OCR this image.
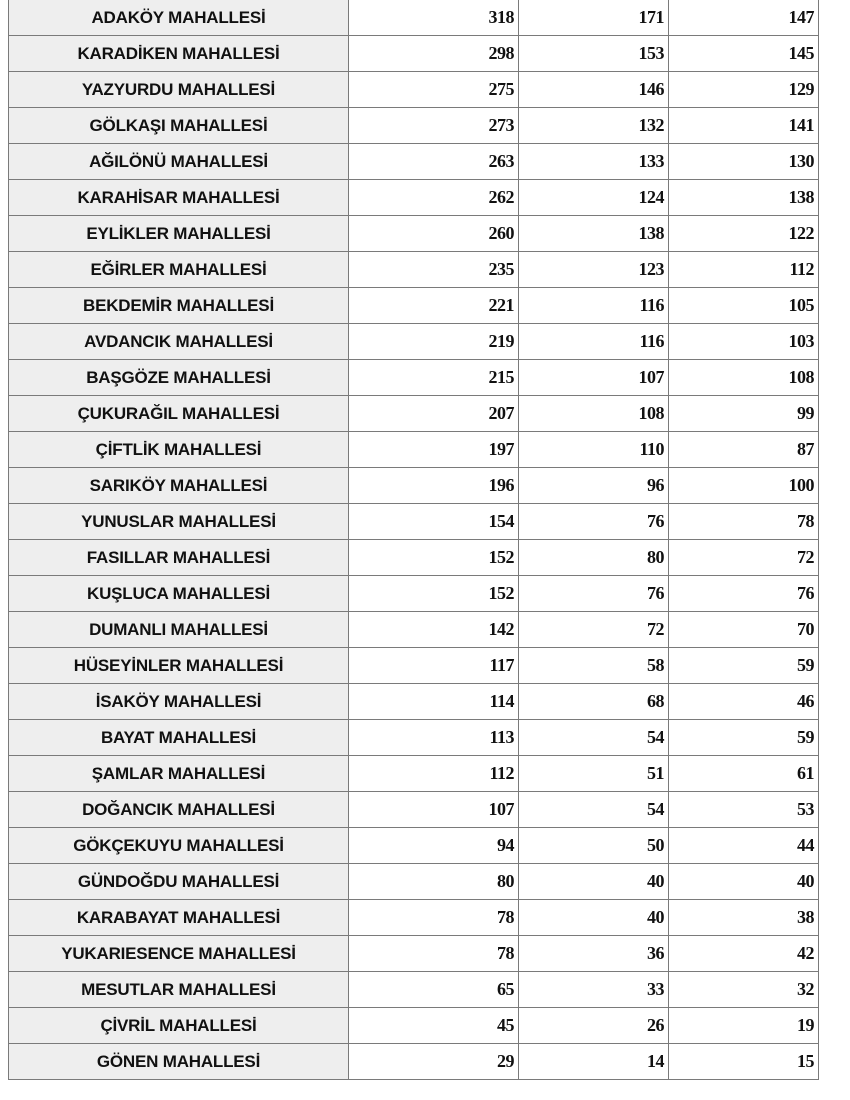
ADAKÖY MAHALLESİ	318	171	147
KARADİKEN MAHALLESİ	298	153	145
YAZYURDU MAHALLESİ	275	146	129
GÖLKAŞI MAHALLESİ	273	132	141
AĞILÖNÜ MAHALLESİ	263	133	130
KARAHİSAR MAHALLESİ	262	124	138
EYLİKLER MAHALLESİ	260	138	122
EĞİRLER MAHALLESİ	235	123	112
BEKDEMİR MAHALLESİ	221	116	105
AVDANCIK MAHALLESİ	219	116	103
BAŞGÖZE MAHALLESİ	215	107	108
ÇUKURAĞIL MAHALLESİ	207	108	99
ÇİFTLİK MAHALLESİ	197	110	87
SARIKÖY MAHALLESİ	196	96	100
YUNUSLAR MAHALLESİ	154	76	78
FASILLAR MAHALLESİ	152	80	72
KUŞLUCA MAHALLESİ	152	76	76
DUMANLI MAHALLESİ	142	72	70
HÜSEYİNLER MAHALLESİ	117	58	59
İSAKÖY MAHALLESİ	114	68	46
BAYAT MAHALLESİ	113	54	59
ŞAMLAR MAHALLESİ	112	51	61
DOĞANCIK MAHALLESİ	107	54	53
GÖKÇEKUYU MAHALLESİ	94	50	44
GÜNDOĞDU MAHALLESİ	80	40	40
KARABAYAT MAHALLESİ	78	40	38
YUKARIESENCE MAHALLESİ	78	36	42
MESUTLAR MAHALLESİ	65	33	32
ÇİVRİL MAHALLESİ	45	26	19
GÖNEN MAHALLESİ	29	14	15
